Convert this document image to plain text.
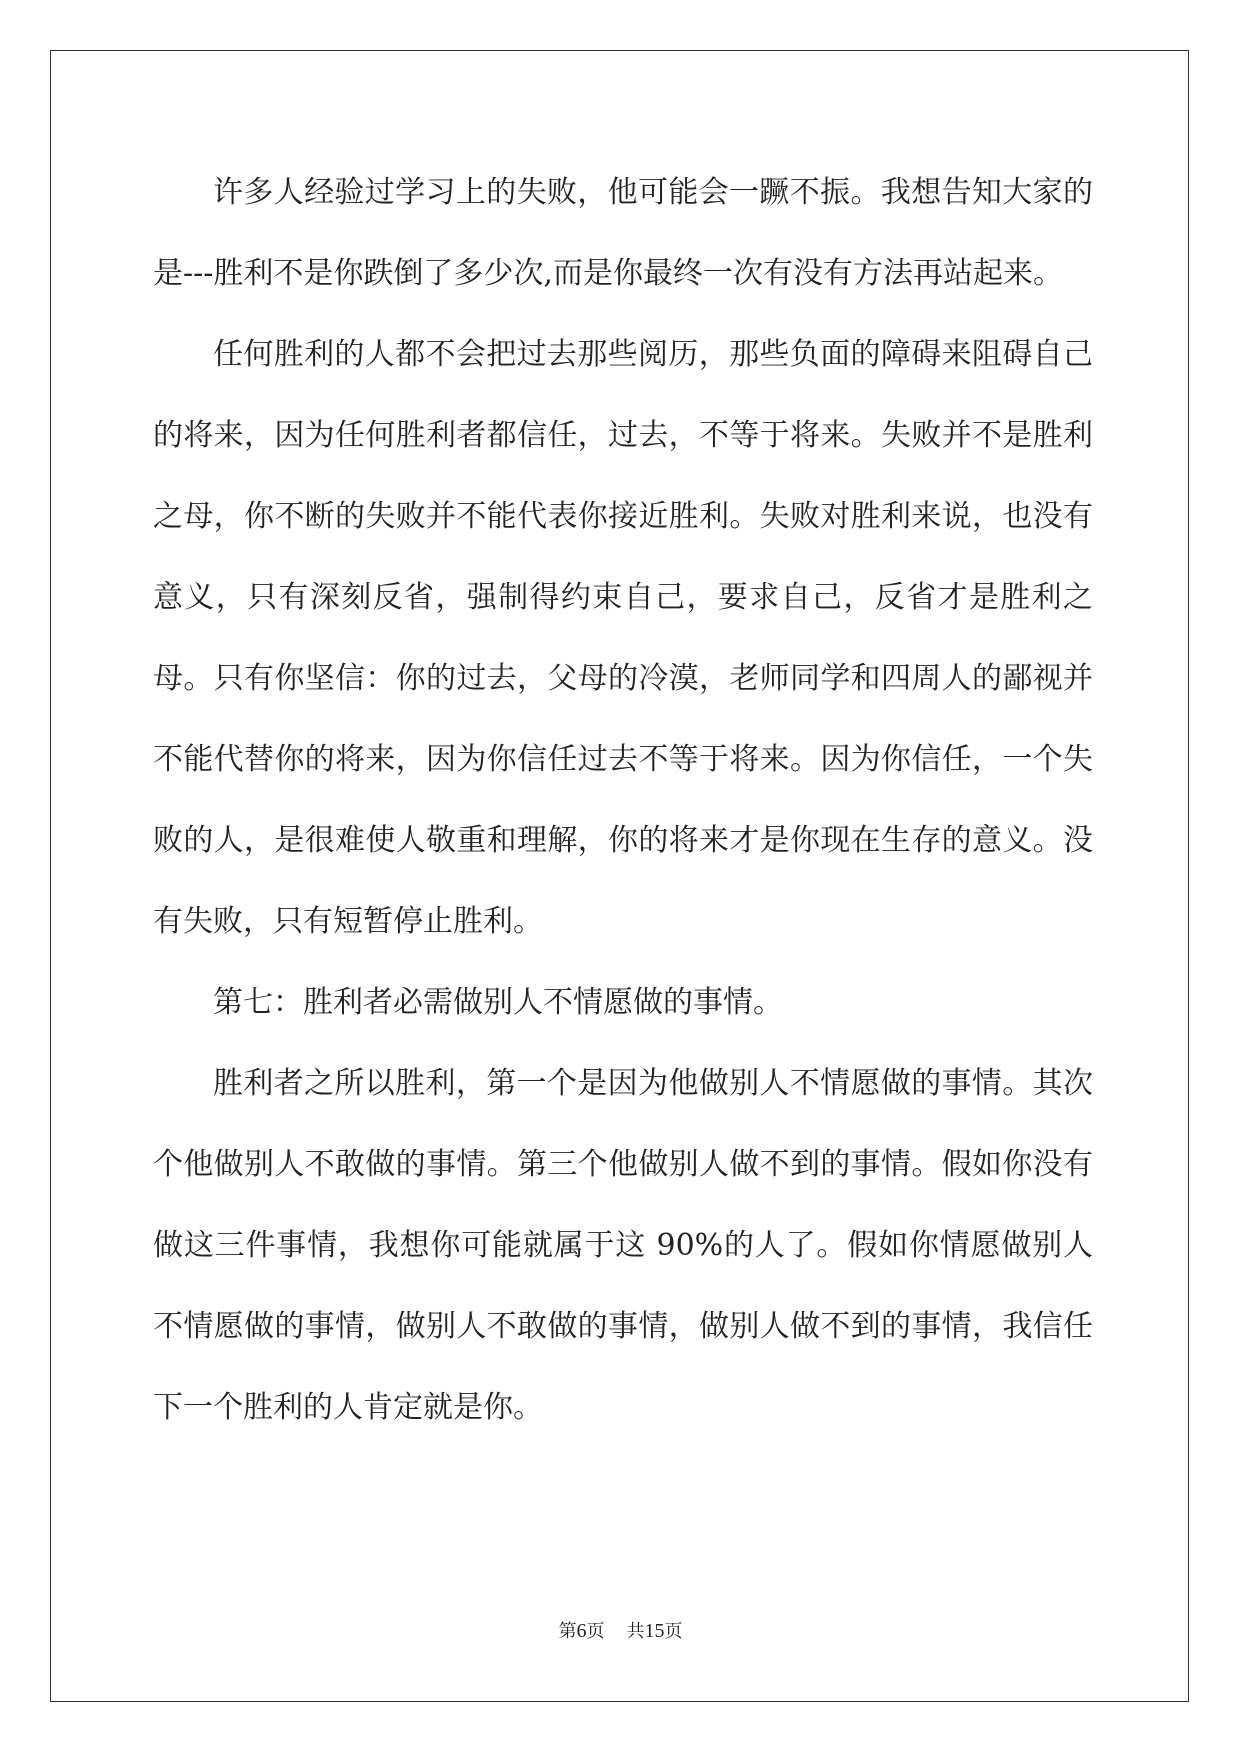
许多人经验过学习上的失败，他可能会一蹶不振。我想告知大家的是---胜利不是你跌倒了多少次,而是你最终一次有没有方法再站起来。

任何胜利的人都不会把过去那些阅历，那些负面的障碍来阻碍自己的将来，因为任何胜利者都信任，过去，不等于将来。失败并不是胜利之母，你不断的失败并不能代表你接近胜利。失败对胜利来说，也没有意义，只有深刻反省，强制得约束自己，要求自己，反省才是胜利之母。只有你坚信：你的过去，父母的冷漠，老师同学和四周人的鄙视并不能代替你的将来，因为你信任过去不等于将来。因为你信任，一个失败的人，是很难使人敬重和理解，你的将来才是你现在生存的意义。没有失败，只有短暂停止胜利。

第七：胜利者必需做别人不情愿做的事情。

胜利者之所以胜利，第一个是因为他做别人不情愿做的事情。其次个他做别人不敢做的事情。第三个他做别人做不到的事情。假如你没有做这三件事情，我想你可能就属于这 90%的人了。假如你情愿做别人不情愿做的事情，做别人不敢做的事情，做别人做不到的事情，我信任下一个胜利的人肯定就是你。

第6页 共15页
